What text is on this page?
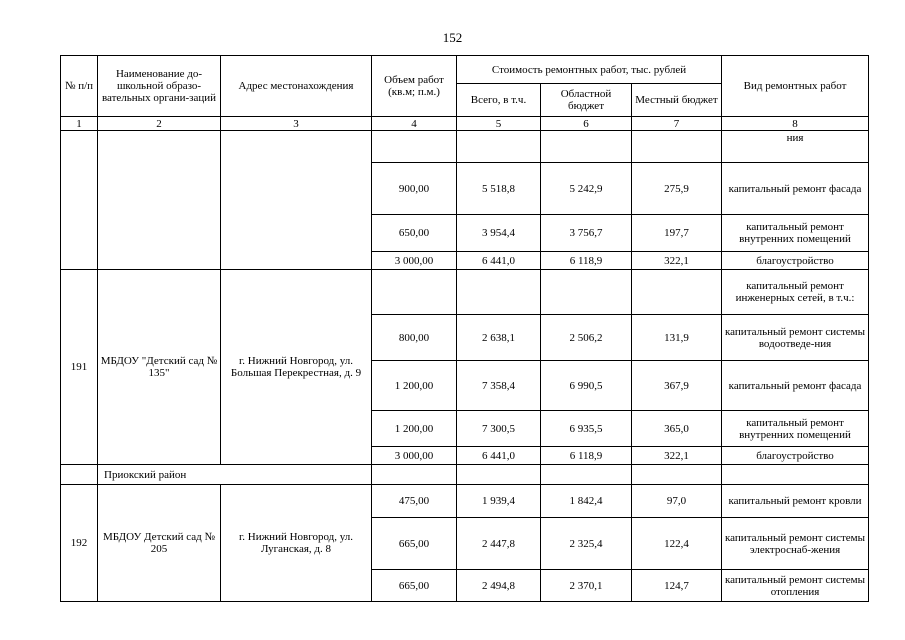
152
№ п/п	Наименование до-школьной образо-вательных органи-заций	Адрес местонахождения	Объем работ (кв.м; п.м.)	Стоимость ремонтных работ, тыс. рублей			Вид ремонтных работ
				Всего, в т.ч.	Областной бюджет	Местный бюджет	
1	2	3	4	5	6	7	8
							ния
			900,00	5 518,8	5 242,9	275,9	капитальный ремонт фасада
			650,00	3 954,4	3 756,7	197,7	капитальный ремонт внутренних помещений
			3 000,00	6 441,0	6 118,9	322,1	благоустройство
191	МБДОУ "Детский сад № 135"	г. Нижний Новгород, ул. Большая Перекрестная, д. 9					капитальный ремонт инженерных сетей, в т.ч.:
			800,00	2 638,1	2 506,2	131,9	капитальный ремонт системы водоотведе-ния
			1 200,00	7 358,4	6 990,5	367,9	капитальный ремонт фасада
			1 200,00	7 300,5	6 935,5	365,0	капитальный ремонт внутренних помещений
			3 000,00	6 441,0	6 118,9	322,1	благоустройство
	Приокский район						
192	МБДОУ Детский сад № 205	г. Нижний Новгород, ул. Луганская, д. 8	475,00	1 939,4	1 842,4	97,0	капитальный ремонт кровли
			665,00	2 447,8	2 325,4	122,4	капитальный ремонт системы электроснаб-жения
			665,00	2 494,8	2 370,1	124,7	капитальный ремонт системы отопления
